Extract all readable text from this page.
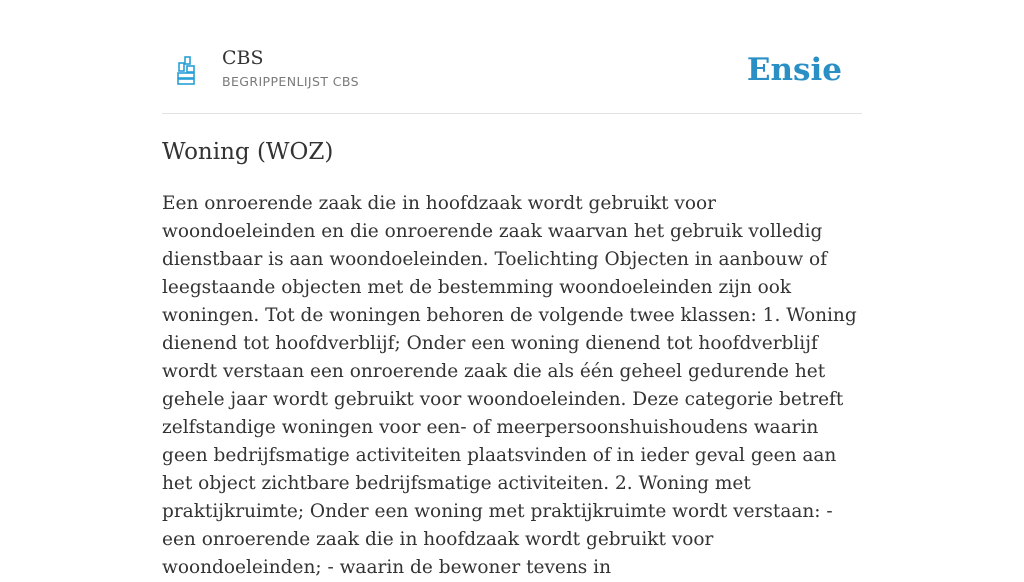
CBS
BEGRIPPENLIJST CBS	Ensie
Woning (WOZ)

Een onroerende zaak die in hoofdzaak wordt gebruikt voor woondoeleinden en die onroerende zaak waarvan het gebruik volledig dienstbaar is aan woondoeleinden. Toelichting Objecten in aanbouw of leegstaande objecten met de bestemming woondoeleinden zijn ook woningen. Tot de woningen behoren de volgende twee klassen: 1. Woning dienend tot hoofdverblijf; Onder een woning dienend tot hoofdverblijf wordt verstaan een onroerende zaak die als één geheel gedurende het gehele jaar wordt gebruikt voor woondoeleinden. Deze categorie betreft zelfstandige woningen voor een- of meerpersoonshuishoudens waarin geen bedrijfsmatige activiteiten plaatsvinden of in ieder geval geen aan het object zichtbare bedrijfsmatige activiteiten. 2. Woning met praktijkruimte; Onder een woning met praktijkruimte wordt verstaan: - een onroerende zaak die in hoofdzaak wordt gebruikt voor woondoeleinden; - waarin de bewoner tevens in
